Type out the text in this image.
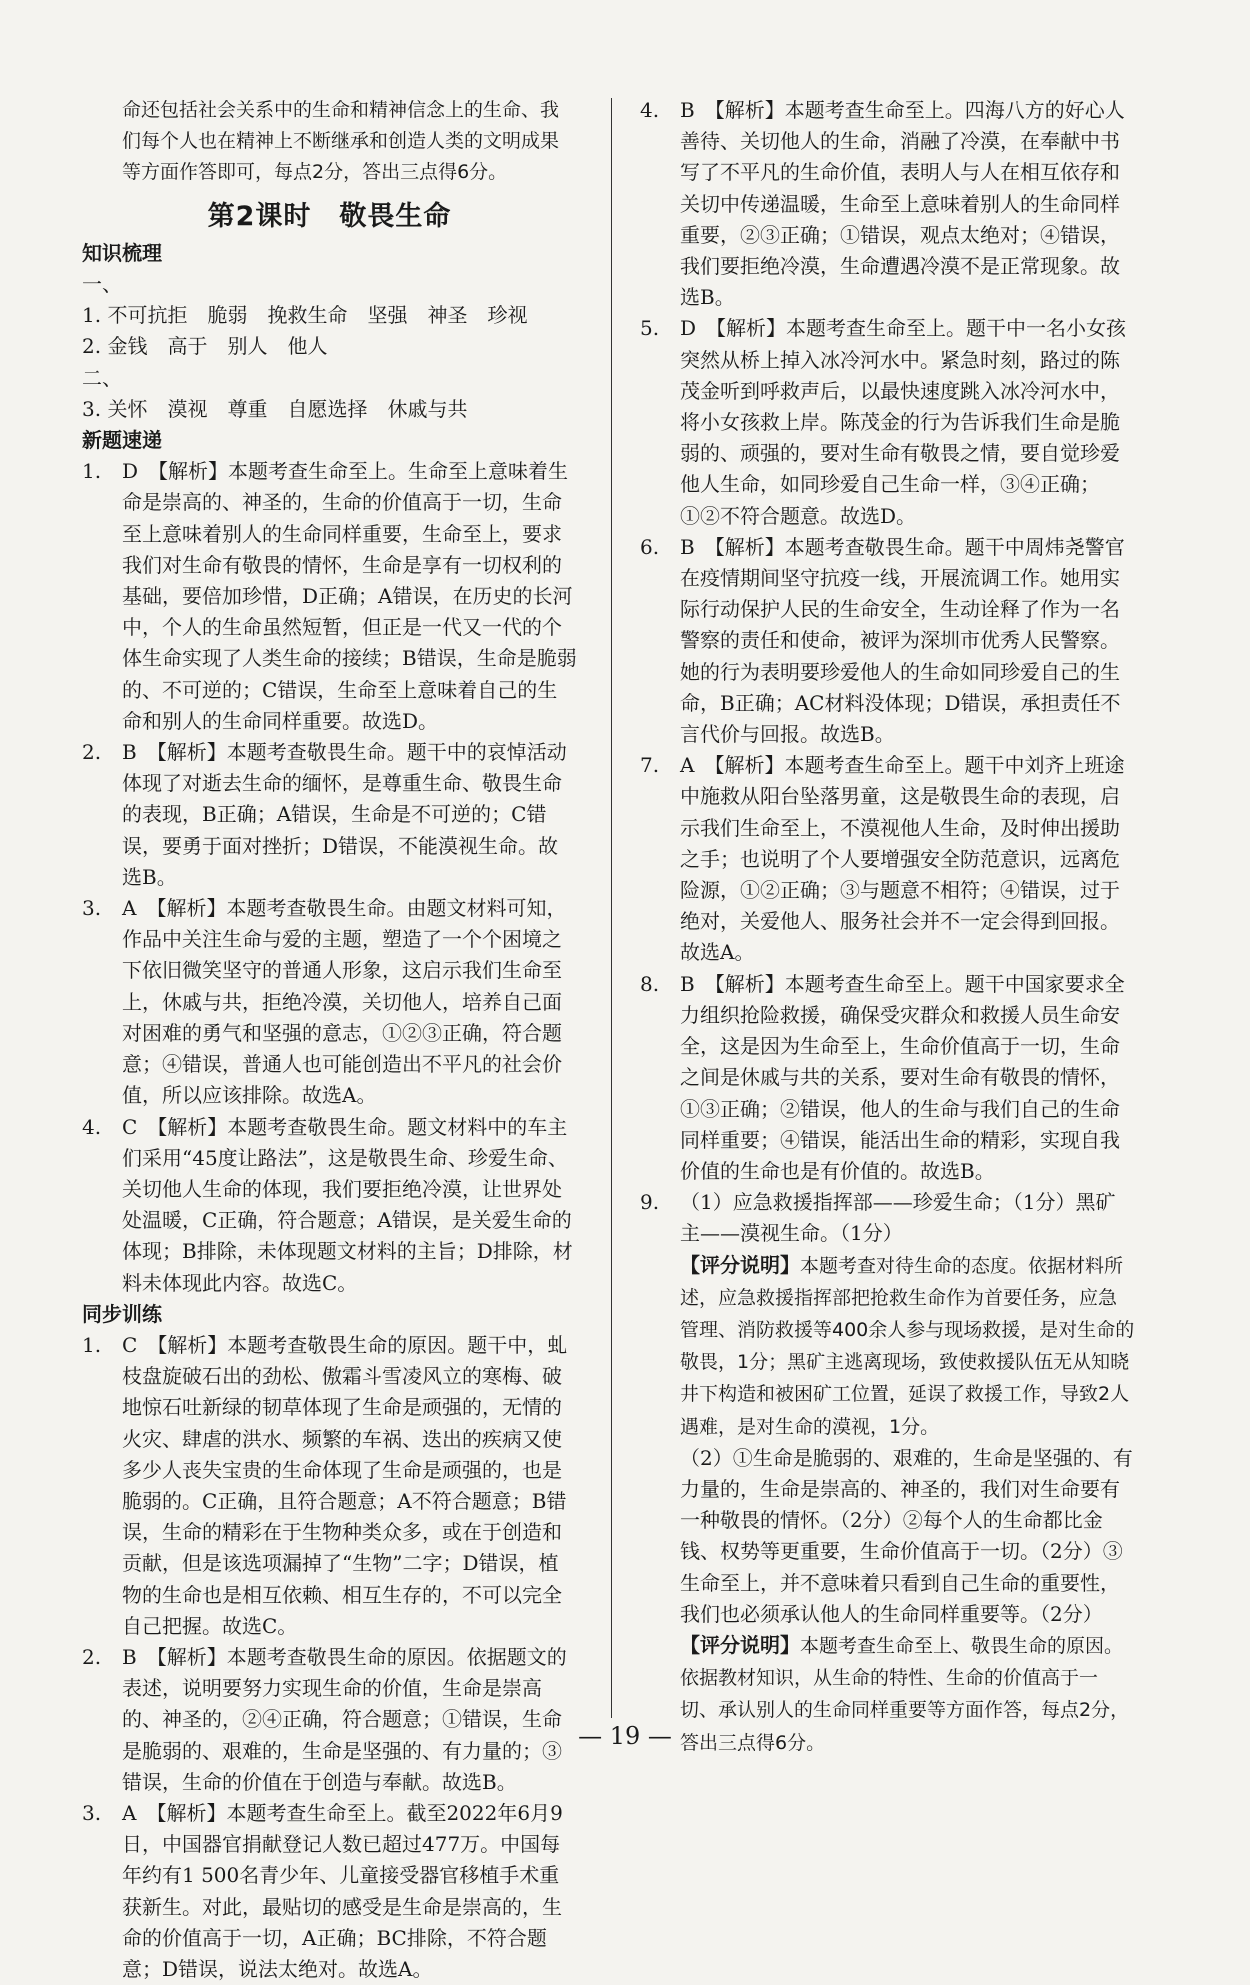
命还包括社会关系中的生命和精神信念上的生命、我们每个人也在精神上不断继承和创造人类的文明成果等方面作答即可，每点2分，答出三点得6分。
第2课时　敬畏生命
知识梳理
一、
1. 不可抗拒　脆弱　挽救生命　坚强　神圣　珍视
2. 金钱　高于　别人　他人
二、
3. 关怀　漠视　尊重　自愿选择　休戚与共
新题速递
1.	D　【解析】本题考查生命至上。生命至上意味着生命是崇高的、神圣的，生命的价值高于一切，生命至上意味着别人的生命同样重要，生命至上，要求我们对生命有敬畏的情怀，生命是享有一切权利的基础，要倍加珍惜，D正确；A错误，在历史的长河中，个人的生命虽然短暂，但正是一代又一代的个体生命实现了人类生命的接续；B错误，生命是脆弱的、不可逆的；C错误，生命至上意味着自己的生命和别人的生命同样重要。故选D。
2.	B　【解析】本题考查敬畏生命。题干中的哀悼活动体现了对逝去生命的缅怀，是尊重生命、敬畏生命的表现，B正确；A错误，生命是不可逆的；C错误，要勇于面对挫折；D错误，不能漠视生命。故选B。
3.	A　【解析】本题考查敬畏生命。由题文材料可知，作品中关注生命与爱的主题，塑造了一个个困境之下依旧微笑坚守的普通人形象，这启示我们生命至上，休戚与共，拒绝冷漠，关切他人，培养自己面对困难的勇气和坚强的意志，①②③正确，符合题意；④错误，普通人也可能创造出不平凡的社会价值，所以应该排除。故选A。
4.	C　【解析】本题考查敬畏生命。题文材料中的车主们采用“45度让路法”，这是敬畏生命、珍爱生命、关切他人生命的体现，我们要拒绝冷漠，让世界处处温暖，C正确，符合题意；A错误，是关爱生命的体现；B排除，未体现题文材料的主旨；D排除，材料未体现此内容。故选C。
同步训练
1.	C　【解析】本题考查敬畏生命的原因。题干中，虬枝盘旋破石出的劲松、傲霜斗雪凌风立的寒梅、破地惊石吐新绿的韧草体现了生命是顽强的，无情的火灾、肆虐的洪水、频繁的车祸、迭出的疾病又使多少人丧失宝贵的生命体现了生命是顽强的，也是脆弱的。C正确，且符合题意；A不符合题意；B错误，生命的精彩在于生物种类众多，或在于创造和贡献，但是该选项漏掉了“生物”二字；D错误，植物的生命也是相互依赖、相互生存的，不可以完全自己把握。故选C。
2.	B　【解析】本题考查敬畏生命的原因。依据题文的表述，说明要努力实现生命的价值，生命是崇高的、神圣的，②④正确，符合题意；①错误，生命是脆弱的、艰难的，生命是坚强的、有力量的；③错误，生命的价值在于创造与奉献。故选B。
3.	A　【解析】本题考查生命至上。截至2022年6月9日，中国器官捐献登记人数已超过477万。中国每年约有1 500名青少年、儿童接受器官移植手术重获新生。对此，最贴切的感受是生命是崇高的，生命的价值高于一切，A正确；BC排除，不符合题意；D错误，说法太绝对。故选A。
4.	B　【解析】本题考查生命至上。四海八方的好心人善待、关切他人的生命，消融了冷漠，在奉献中书写了不平凡的生命价值，表明人与人在相互依存和关切中传递温暖，生命至上意味着别人的生命同样重要，②③正确；①错误，观点太绝对；④错误，我们要拒绝冷漠，生命遭遇冷漠不是正常现象。故选B。
5.	D　【解析】本题考查生命至上。题干中一名小女孩突然从桥上掉入冰冷河水中。紧急时刻，路过的陈茂金听到呼救声后，以最快速度跳入冰冷河水中，将小女孩救上岸。陈茂金的行为告诉我们生命是脆弱的、顽强的，要对生命有敬畏之情，要自觉珍爱他人生命，如同珍爱自己生命一样，③④正确；①②不符合题意。故选D。
6.	B　【解析】本题考查敬畏生命。题干中周炜尧警官在疫情期间坚守抗疫一线，开展流调工作。她用实际行动保护人民的生命安全，生动诠释了作为一名警察的责任和使命，被评为深圳市优秀人民警察。她的行为表明要珍爱他人的生命如同珍爱自己的生命，B正确；AC材料没体现；D错误，承担责任不言代价与回报。故选B。
7.	A　【解析】本题考查生命至上。题干中刘齐上班途中施救从阳台坠落男童，这是敬畏生命的表现，启示我们生命至上，不漠视他人生命，及时伸出援助之手；也说明了个人要增强安全防范意识，远离危险源，①②正确；③与题意不相符；④错误，过于绝对，关爱他人、服务社会并不一定会得到回报。故选A。
8.	B　【解析】本题考查生命至上。题干中国家要求全力组织抢险救援，确保受灾群众和救援人员生命安全，这是因为生命至上，生命价值高于一切，生命之间是休戚与共的关系，要对生命有敬畏的情怀，①③正确；②错误，他人的生命与我们自己的生命同样重要；④错误，能活出生命的精彩，实现自我价值的生命也是有价值的。故选B。
9.	（1）应急救援指挥部——珍爱生命；（1分）黑矿主——漠视生命。（1分）
【评分说明】本题考查对待生命的态度。依据材料所述，应急救援指挥部把抢救生命作为首要任务，应急管理、消防救援等400余人参与现场救援，是对生命的敬畏，1分；黑矿主逃离现场，致使救援队伍无从知晓井下构造和被困矿工位置，延误了救援工作，导致2人遇难，是对生命的漠视，1分。
（2）①生命是脆弱的、艰难的，生命是坚强的、有力量的，生命是崇高的、神圣的，我们对生命要有一种敬畏的情怀。（2分）②每个人的生命都比金钱、权势等更重要，生命价值高于一切。（2分）③生命至上，并不意味着只看到自己生命的重要性，我们也必须承认他人的生命同样重要等。（2分）
【评分说明】本题考查生命至上、敬畏生命的原因。依据教材知识，从生命的特性、生命的价值高于一切、承认别人的生命同样重要等方面作答，每点2分，答出三点得6分。
— 19 —
